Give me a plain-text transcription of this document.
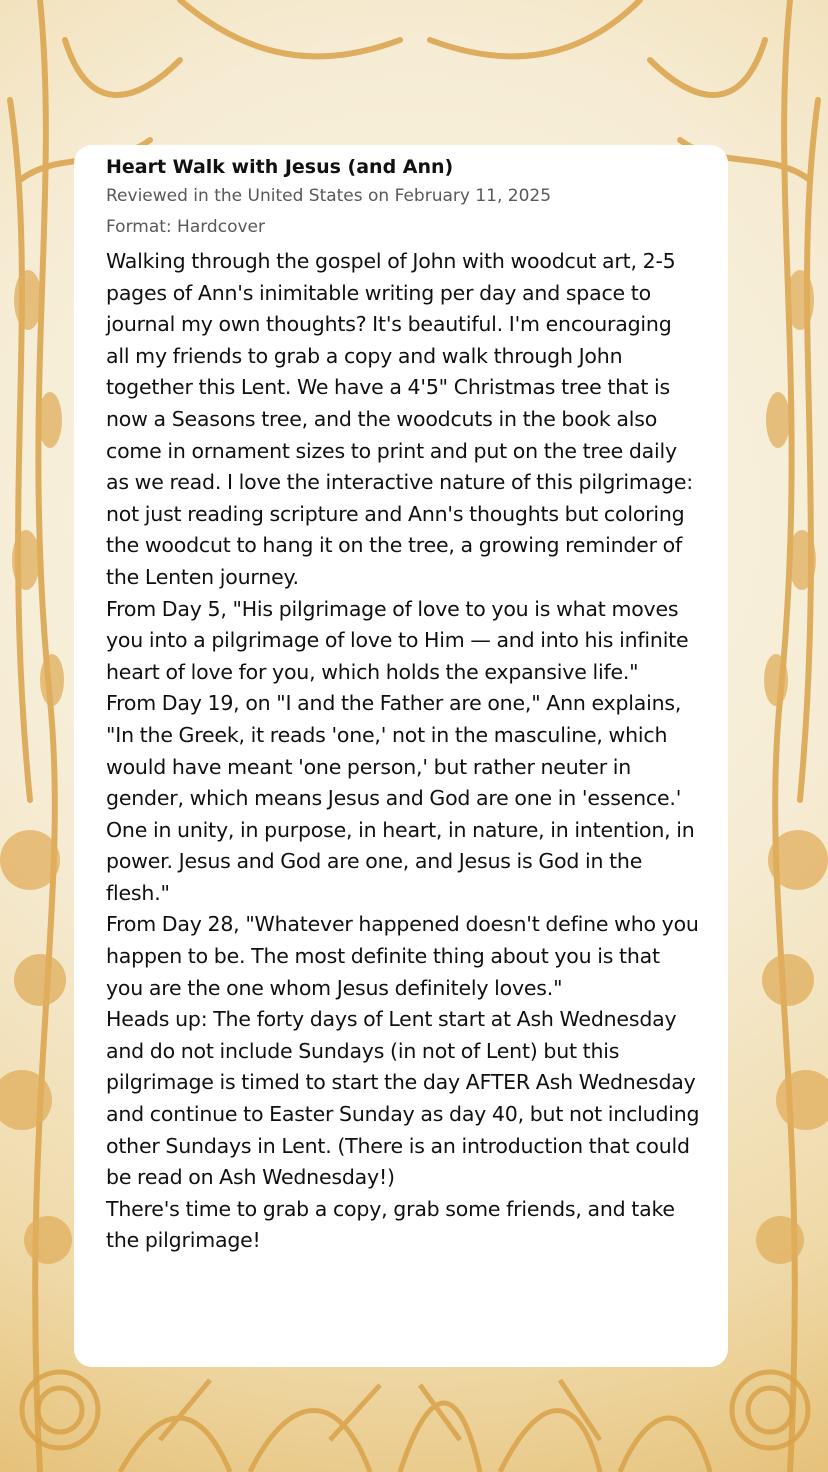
Heart Walk with Jesus (and Ann)

Reviewed in the United States on February 11, 2025

Format: Hardcover

Walking through the gospel of John with woodcut art, 2-5 pages of Ann's inimitable writing per day and space to journal my own thoughts? It's beautiful. I'm encouraging all my friends to grab a copy and walk through John together this Lent. We have a 4'5" Christmas tree that is now a Seasons tree, and the woodcuts in the book also come in ornament sizes to print and put on the tree daily as we read. I love the interactive nature of this pilgrimage: not just reading scripture and Ann's thoughts but coloring the woodcut to hang it on the tree, a growing reminder of the Lenten journey.

From Day 5, "His pilgrimage of love to you is what moves you into a pilgrimage of love to Him — and into his infinite heart of love for you, which holds the expansive life."

From Day 19, on "I and the Father are one," Ann explains, "In the Greek, it reads 'one,' not in the masculine, which would have meant 'one person,' but rather neuter in gender, which means Jesus and God are one in 'essence.' One in unity, in purpose, in heart, in nature, in intention, in power. Jesus and God are one, and Jesus is God in the flesh."

From Day 28, "Whatever happened doesn't define who you happen to be. The most definite thing about you is that you are the one whom Jesus definitely loves."

Heads up: The forty days of Lent start at Ash Wednesday and do not include Sundays (in not of Lent) but this pilgrimage is timed to start the day AFTER Ash Wednesday and continue to Easter Sunday as day 40, but not including other Sundays in Lent. (There is an introduction that could be read on Ash Wednesday!)

There's time to grab a copy, grab some friends, and take the pilgrimage!
